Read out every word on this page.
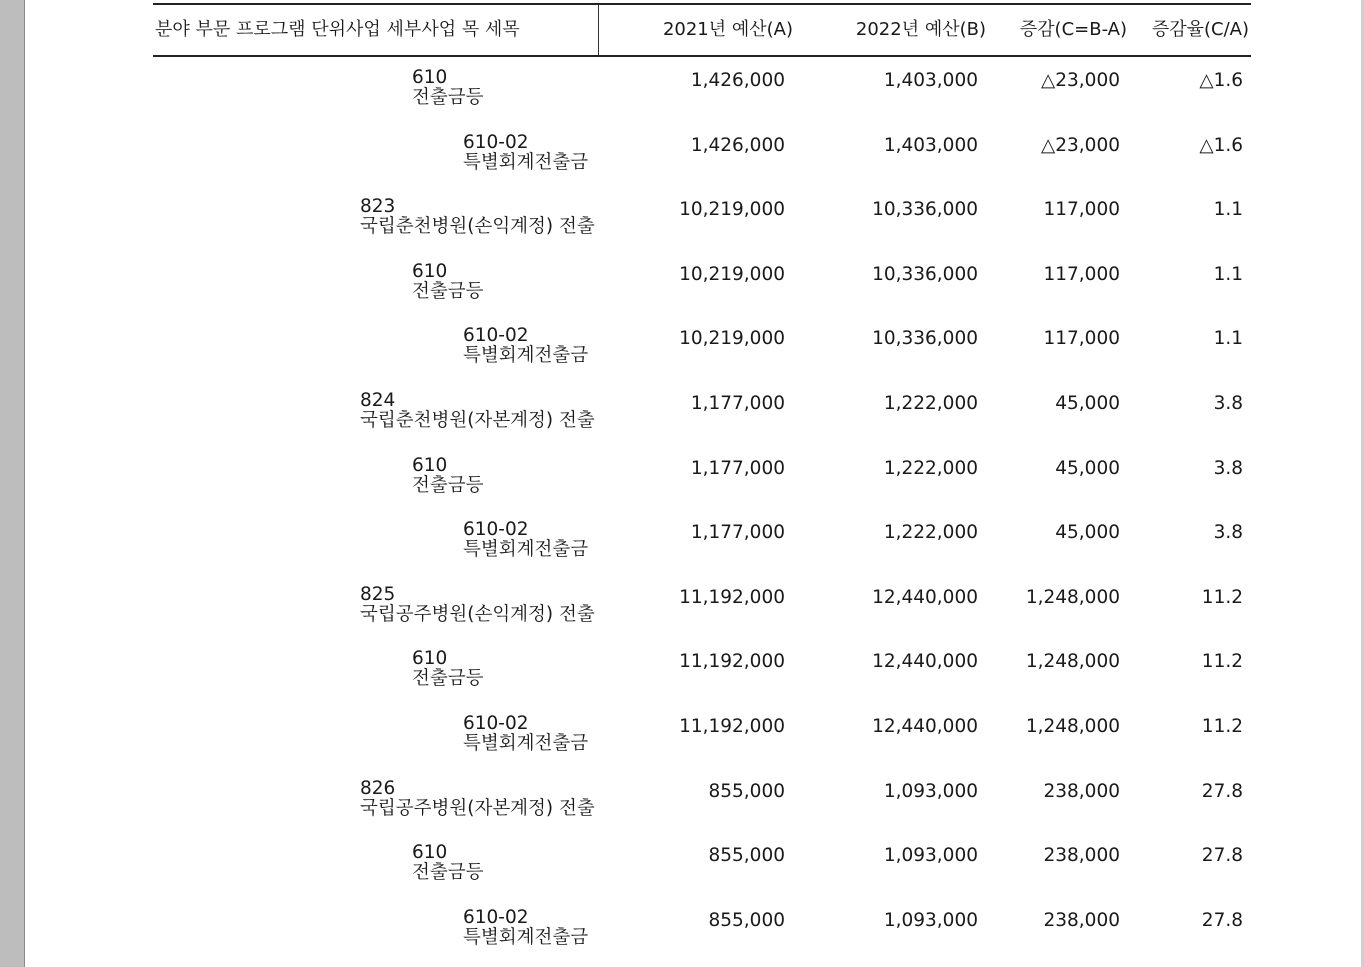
분야 부문 프로그램 단위사업 세부사업 목 세목	2021년 예산(A)	2022년 예산(B) 증감(C=B-A) 증감율(C/A)
610
전출금등
1,426,000	1,403,000	△23,000	△1.6
610-02
특별회계전출금
1,426,000	1,403,000	△23,000	△1.6
823
국립춘천병원(손익계정) 전출
10,219,000	10,336,000	117,000	1.1
610
전출금등
10,219,000	10,336,000	117,000	1.1
610-02
특별회계전출금
10,219,000	10,336,000	117,000	1.1
824
국립춘천병원(자본계정) 전출
1,177,000	1,222,000	45,000	3.8
610
전출금등
1,177,000	1,222,000	45,000	3.8
610-02
특별회계전출금
1,177,000	1,222,000	45,000	3.8
825
국립공주병원(손익계정) 전출
11,192,000	12,440,000	1,248,000	11.2
610
전출금등
11,192,000	12,440,000	1,248,000	11.2
610-02
특별회계전출금
11,192,000	12,440,000	1,248,000	11.2
826
국립공주병원(자본계정) 전출
855,000	1,093,000	238,000	27.8
610
전출금등
855,000	1,093,000	238,000	27.8
610-02
특별회계전출금
855,000	1,093,000	238,000	27.8
